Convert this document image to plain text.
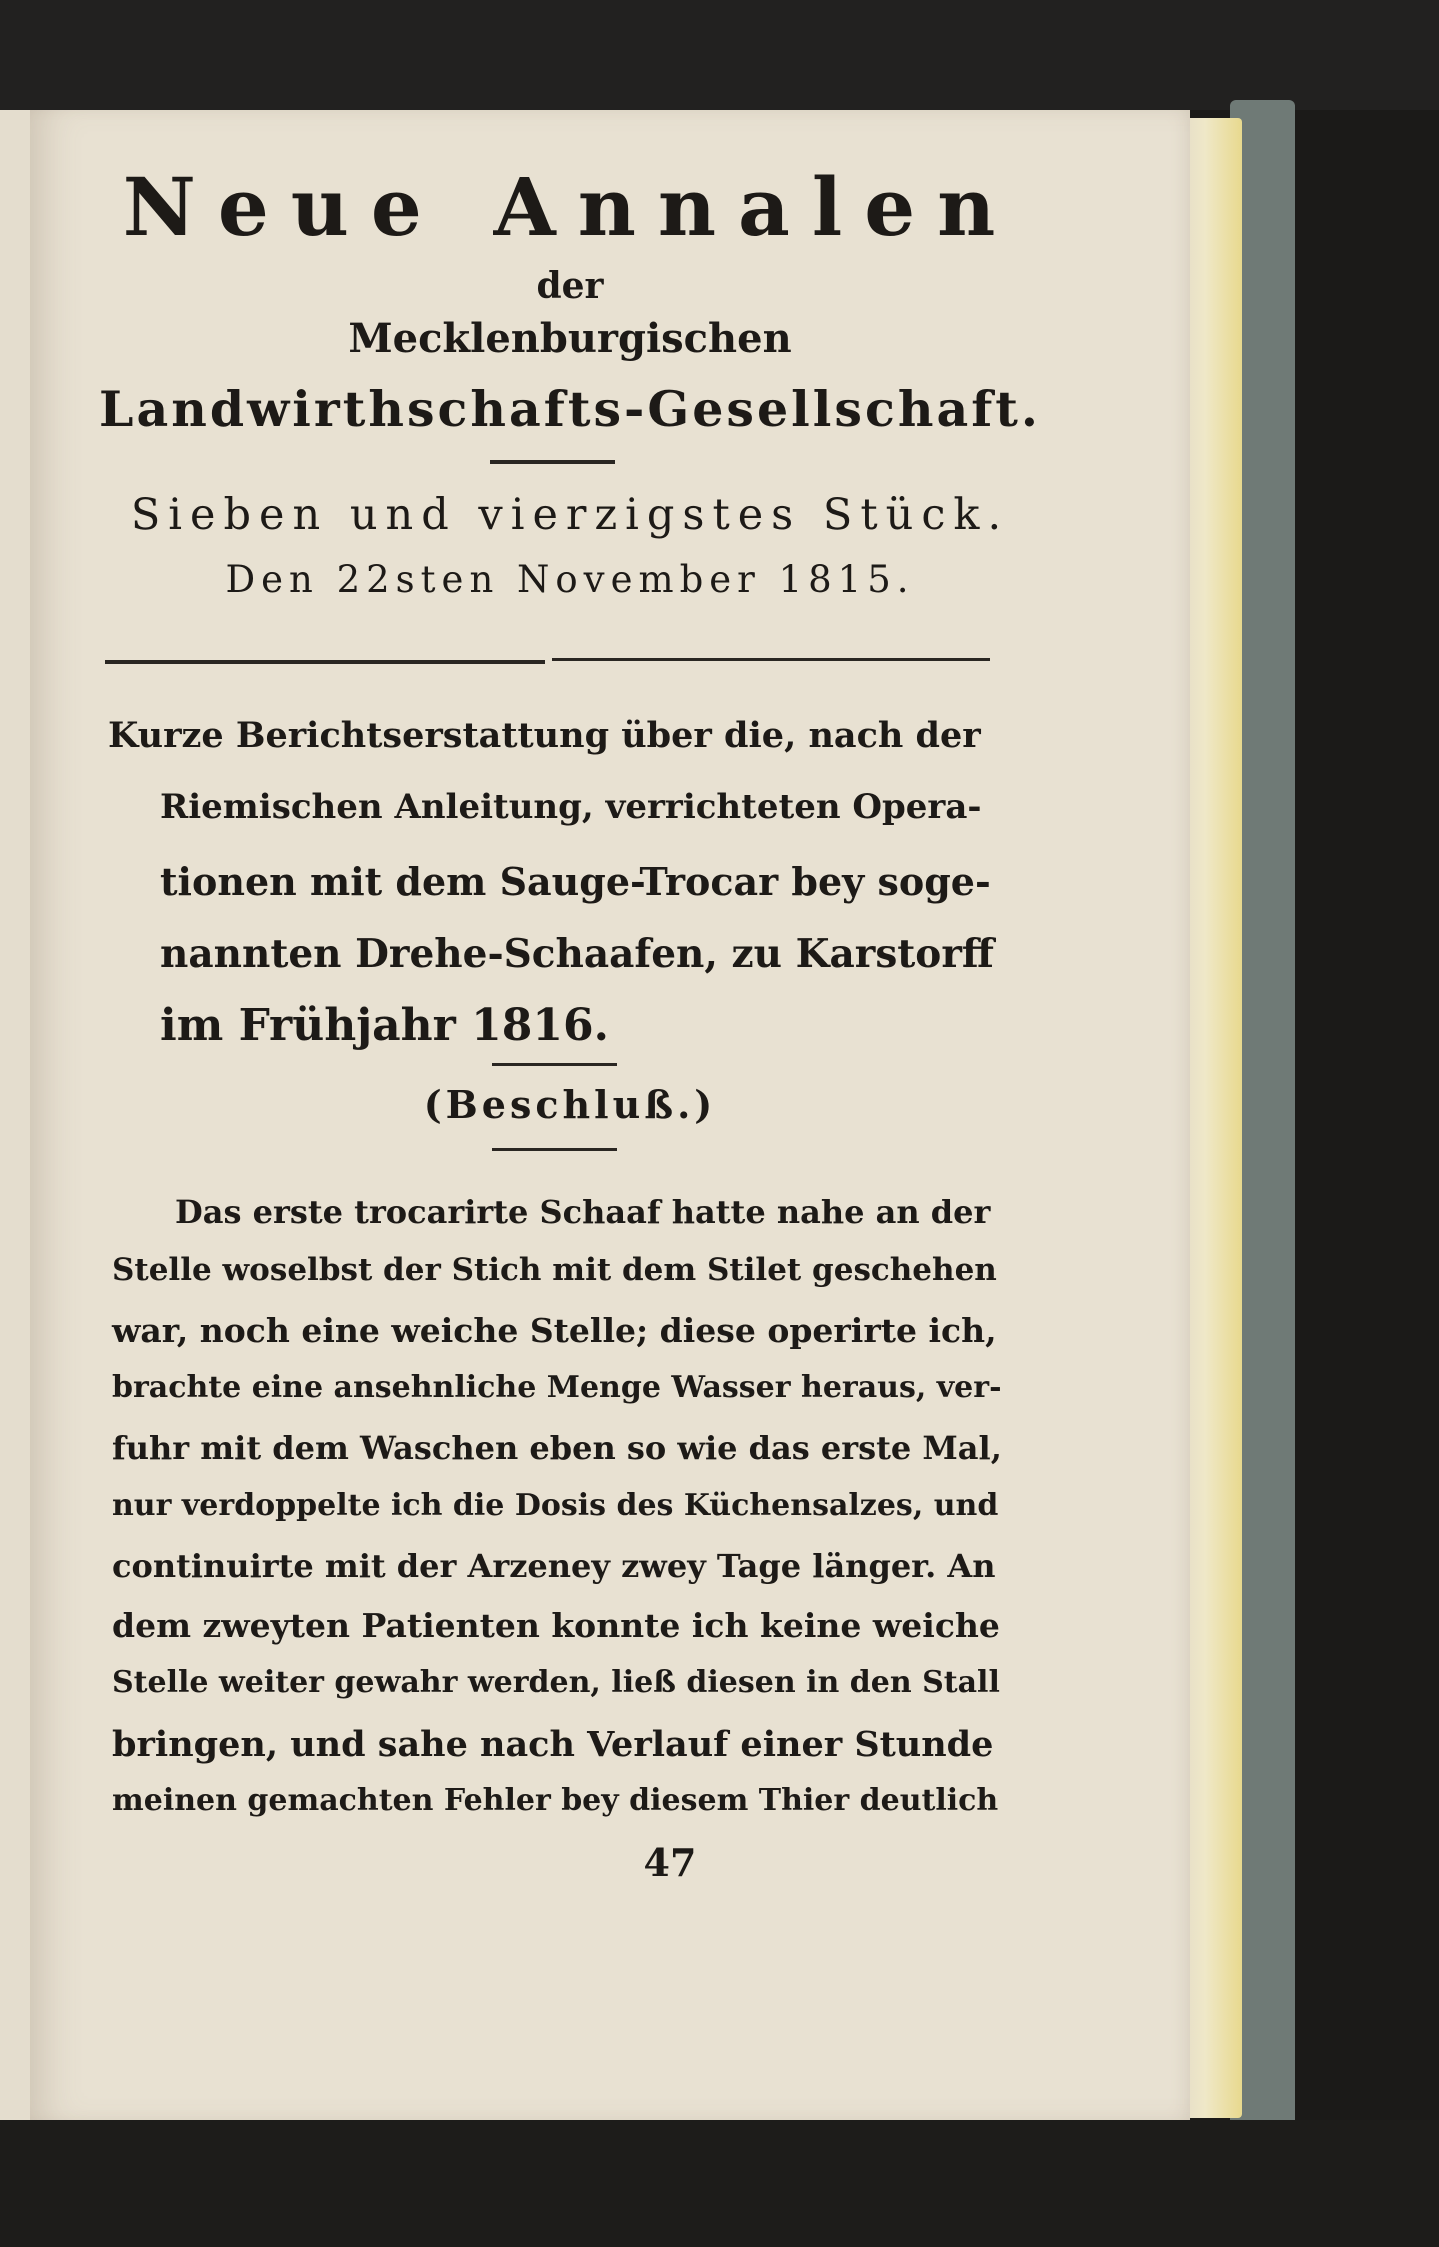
Neue Annalen
der
Mecklenburgischen
Landwirthschafts-Gesellschaft.
Sieben und vierzigstes Stück.
Den 22sten November 1815.
Kurze Berichtserstattung über die, nach der
Riemischen Anleitung, verrichteten Opera-
tionen mit dem Sauge-Trocar bey soge-
nannten Drehe-Schaafen, zu Karstorff
im Frühjahr 1816.
(Beschluß.)
Das erste trocarirte Schaaf hatte nahe an der
Stelle woselbst der Stich mit dem Stilet geschehen
war, noch eine weiche Stelle; diese operirte ich,
brachte eine ansehnliche Menge Wasser heraus, ver-
fuhr mit dem Waschen eben so wie das erste Mal,
nur verdoppelte ich die Dosis des Küchensalzes, und
continuirte mit der Arzeney zwey Tage länger. An
dem zweyten Patienten konnte ich keine weiche
Stelle weiter gewahr werden, ließ diesen in den Stall
bringen, und sahe nach Verlauf einer Stunde
meinen gemachten Fehler bey diesem Thier deutlich
47
